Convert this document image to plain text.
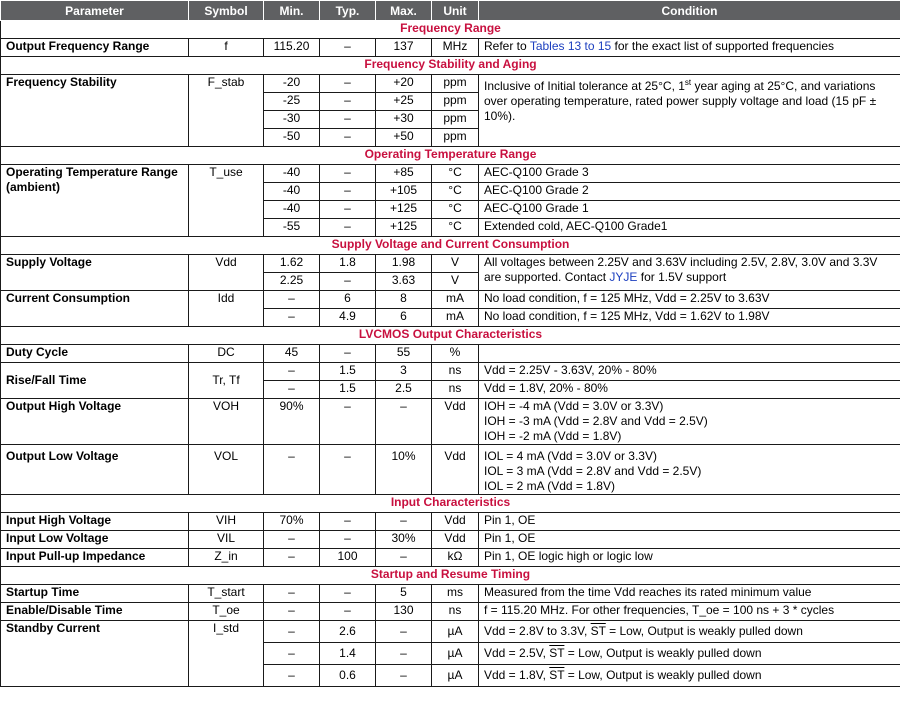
Parameter	Symbol	Min.	Typ.	Max.	Unit	Condition
Frequency Range						
Output Frequency Range	f	115.20	–	137	MHz	Refer to Tables 13 to 15 for the exact list of supported frequencies
Frequency Stability and Aging						
Frequency Stability	F_stab	-20	–	+20	ppm	Inclusive of Initial tolerance at 25°C, 1st year aging at 25°C, and variations over operating temperature, rated power supply voltage and load (15 pF ± 10%).
		-25	–	+25	ppm	
		-30	–	+30	ppm	
		-50	–	+50	ppm	
Operating Temperature Range						
Operating Temperature Range (ambient)	T_use	-40	–	+85	°C	AEC-Q100 Grade 3
		-40	–	+105	°C	AEC-Q100 Grade 2
		-40	–	+125	°C	AEC-Q100 Grade 1
		-55	–	+125	°C	Extended cold, AEC-Q100 Grade1
Supply Voltage and Current Consumption						
Supply Voltage	Vdd	1.62	1.8	1.98	V	All voltages between 2.25V and 3.63V including 2.5V, 2.8V, 3.0V and 3.3V are supported. Contact JYJE for 1.5V support
		2.25	–	3.63	V	
Current Consumption	Idd	–	6	8	mA	No load condition, f = 125 MHz, Vdd = 2.25V to 3.63V
		–	4.9	6	mA	No load condition, f = 125 MHz, Vdd = 1.62V to 1.98V
LVCMOS Output Characteristics						
Duty Cycle	DC	45	–	55	%	
Rise/Fall Time	Tr, Tf	–	1.5	3	ns	Vdd = 2.25V - 3.63V, 20% - 80%
		–	1.5	2.5	ns	Vdd = 1.8V, 20% - 80%
Output High Voltage	VOH	90%	–	–	Vdd	IOH = -4 mA (Vdd = 3.0V or 3.3V)
IOH = -3 mA (Vdd = 2.8V and Vdd = 2.5V)
IOH = -2 mA (Vdd = 1.8V)

Output Low Voltage	VOL	–	–	10%	Vdd	IOL = 4 mA (Vdd = 3.0V or 3.3V)
IOL = 3 mA (Vdd = 2.8V and Vdd = 2.5V)
IOL = 2 mA (Vdd = 1.8V)

Input Characteristics						
Input High Voltage	VIH	70%	–	–	Vdd	Pin 1, OE
Input Low Voltage	VIL	–	–	30%	Vdd	Pin 1, OE
Input Pull-up Impedance	Z_in	–	100	–	kΩ	Pin 1, OE logic high or logic low
Startup and Resume Timing						
Startup Time	T_start	–	–	5	ms	Measured from the time Vdd reaches its rated minimum value
Enable/Disable Time	T_oe	–	–	130	ns	f = 115.20 MHz. For other frequencies, T_oe = 100 ns + 3 * cycles
Standby Current	I_std	–	2.6	–	µA	Vdd = 2.8V to 3.3V, $\overline{ST}$ = Low, Output is weakly pulled down
		–	1.4	–	µA	Vdd = 2.5V, $\overline{ST}$ = Low, Output is weakly pulled down
		–	0.6	–	µA	Vdd = 1.8V, $\overline{ST}$ = Low, Output is weakly pulled down
